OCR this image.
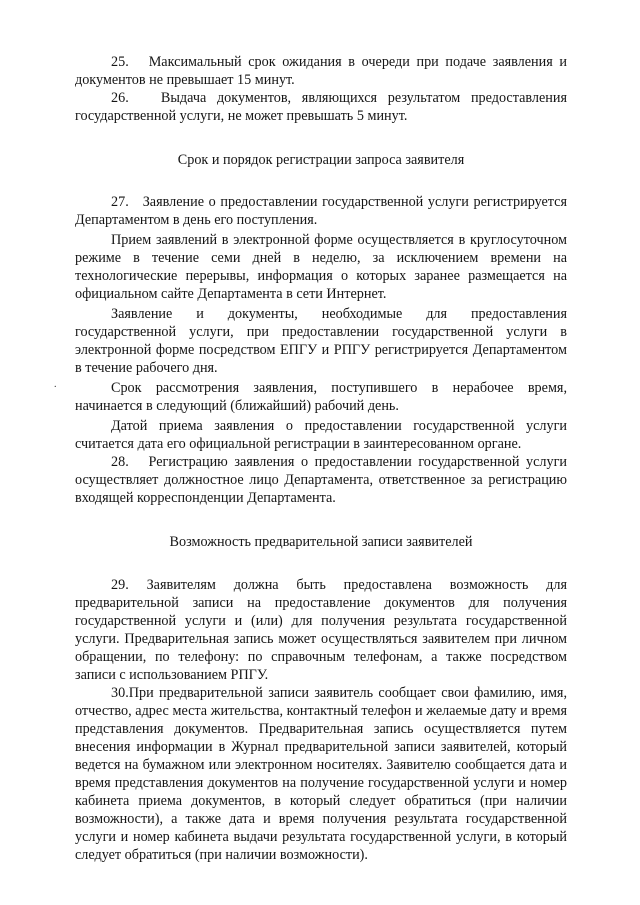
.

25.   Максимальный срок ожидания в очереди при подаче заявления и документов не превышает 15 минут.

26.   Выдача документов, являющихся результатом предоставления государственной услуги, не может превышать 5 минут.

Срок и порядок регистрации запроса заявителя

27.   Заявление о предоставлении государственной услуги регистрируется Департаментом в день его поступления.

Прием заявлений в электронной форме осуществляется в круглосуточном режиме в течение семи дней в неделю, за исключением времени на технологические перерывы, информация о которых заранее размещается на официальном сайте Департамента в сети Интернет.

Заявление и документы, необходимые для предоставления государственной услуги, при предоставлении государственной услуги в электронной форме посредством ЕПГУ и РПГУ регистрируется Департаментом в течение рабочего дня.

Срок рассмотрения заявления, поступившего в нерабочее время, начинается в следующий (ближайший) рабочий день.

Датой приема заявления о предоставлении государственной услуги считается дата его официальной регистрации в заинтересованном органе.

28.   Регистрацию заявления о предоставлении государственной услуги осуществляет должностное лицо Департамента, ответственное за регистрацию входящей корреспонденции Департамента.

Возможность предварительной записи заявителей

29. Заявителям должна быть предоставлена возможность для предварительной записи на предоставление документов для получения государственной услуги и (или) для получения результата государственной услуги. Предварительная запись может осуществляться заявителем при личном обращении, по телефону: по справочным телефонам, а также посредством записи с использованием РПГУ.

30.При предварительной записи заявитель сообщает свои фамилию, имя, отчество, адрес места жительства, контактный телефон и желаемые дату и время представления документов. Предварительная запись осуществляется путем внесения информации в Журнал предварительной записи заявителей, который ведется на бумажном или электронном носителях. Заявителю сообщается дата и время представления документов на получение государственной услуги и номер кабинета приема документов, в который следует обратиться (при наличии возможности), а также дата и время получения результата государственной услуги и номер кабинета выдачи результата государственной услуги, в который следует обратиться (при наличии возможности).
